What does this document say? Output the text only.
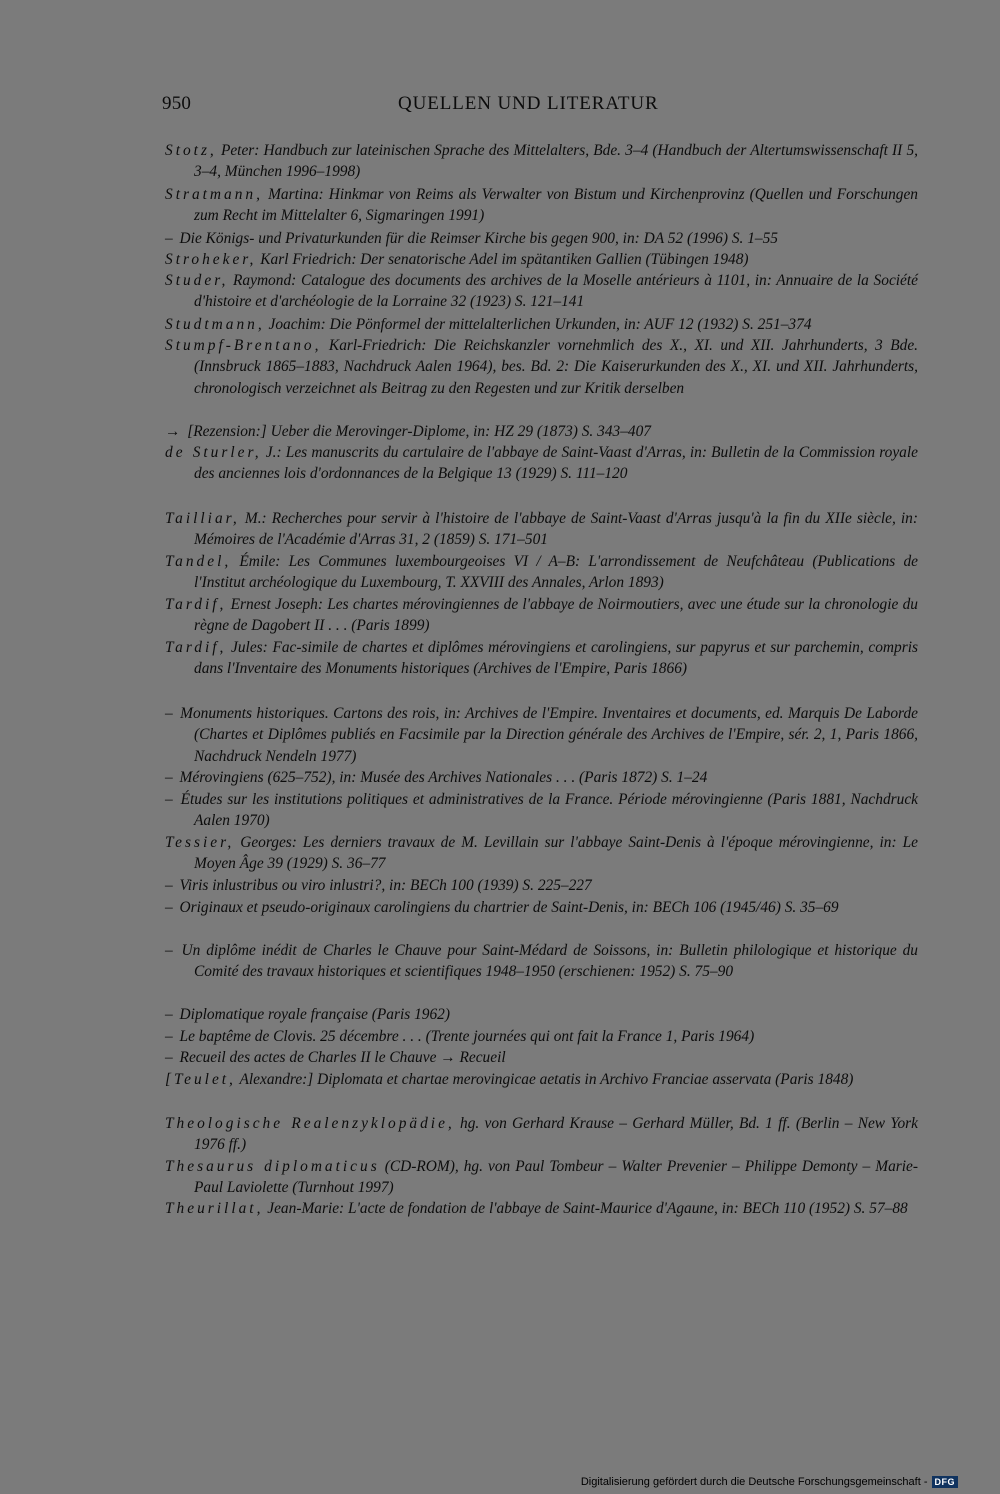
950	QUELLEN UND LITERATUR
Stotz, Peter: Handbuch zur lateinischen Sprache des Mittelalters, Bde. 3–4 (Handbuch der Altertumswissenschaft II 5, 3–4, München 1996–1998)
Stratmann, Martina: Hinkmar von Reims als Verwalter von Bistum und Kirchenprovinz (Quellen und Forschungen zum Recht im Mittelalter 6, Sigmaringen 1991)
– Die Königs- und Privaturkunden für die Reimser Kirche bis gegen 900, in: DA 52 (1996) S. 1–55
Stroheker, Karl Friedrich: Der senatorische Adel im spätantiken Gallien (Tübingen 1948)
Studer, Raymond: Catalogue des documents des archives de la Moselle antérieurs à 1101, in: Annuaire de la Société d'histoire et d'archéologie de la Lorraine 32 (1923) S. 121–141
Studtmann, Joachim: Die Pönformel der mittelalterlichen Urkunden, in: AUF 12 (1932) S. 251–374
Stumpf-Brentano, Karl-Friedrich: Die Reichskanzler vornehmlich des X., XI. und XII. Jahrhunderts, 3 Bde. (Innsbruck 1865–1883, Nachdruck Aalen 1964), bes. Bd. 2: Die Kaiserurkunden des X., XI. und XII. Jahrhunderts, chronologisch verzeichnet als Beitrag zu den Regesten und zur Kritik derselben
→ [Rezension:] Ueber die Merovinger-Diplome, in: HZ 29 (1873) S. 343–407
de Sturler, J.: Les manuscrits du cartulaire de l'abbaye de Saint-Vaast d'Arras, in: Bulletin de la Commission royale des anciennes lois d'ordonnances de la Belgique 13 (1929) S. 111–120
Tailliar, M.: Recherches pour servir à l'histoire de l'abbaye de Saint-Vaast d'Arras jusqu'à la fin du XIIe siècle, in: Mémoires de l'Académie d'Arras 31, 2 (1859) S. 171–501
Tandel, Émile: Les Communes luxembourgeoises VI / A–B: L'arrondissement de Neufchâteau (Publications de l'Institut archéologique du Luxembourg, T. XXVIII des Annales, Arlon 1893)
Tardif, Ernest Joseph: Les chartes mérovingiennes de l'abbaye de Noirmoutiers, avec une étude sur la chronologie du règne de Dagobert II . . . (Paris 1899)
Tardif, Jules: Fac-simile de chartes et diplômes mérovingiens et carolingiens, sur papyrus et sur parchemin, compris dans l'Inventaire des Monuments historiques (Archives de l'Empire, Paris 1866)
– Monuments historiques. Cartons des rois, in: Archives de l'Empire. Inventaires et documents, ed. Marquis De Laborde (Chartes et Diplômes publiés en Facsimile par la Direction générale des Archives de l'Empire, sér. 2, 1, Paris 1866, Nachdruck Nendeln 1977)
– Mérovingiens (625–752), in: Musée des Archives Nationales . . . (Paris 1872) S. 1–24
– Études sur les institutions politiques et administratives de la France. Période mérovingienne (Paris 1881, Nachdruck Aalen 1970)
Tessier, Georges: Les derniers travaux de M. Levillain sur l'abbaye Saint-Denis à l'époque mérovingienne, in: Le Moyen Âge 39 (1929) S. 36–77
– Viris inlustribus ou viro inlustri?, in: BECh 100 (1939) S. 225–227
– Originaux et pseudo-originaux carolingiens du chartrier de Saint-Denis, in: BECh 106 (1945/46) S. 35–69
– Un diplôme inédit de Charles le Chauve pour Saint-Médard de Soissons, in: Bulletin philologique et historique du Comité des travaux historiques et scientifiques 1948–1950 (erschienen: 1952) S. 75–90
– Diplomatique royale française (Paris 1962)
– Le baptême de Clovis. 25 décembre . . . (Trente journées qui ont fait la France 1, Paris 1964)
– Recueil des actes de Charles II le Chauve → Recueil
[Teulet, Alexandre:] Diplomata et chartae merovingicae aetatis in Archivo Franciae asservata (Paris 1848)
Theologische Realenzyklopädie, hg. von Gerhard Krause – Gerhard Müller, Bd. 1 ff. (Berlin – New York 1976 ff.)
Thesaurus diplomaticus (CD-ROM), hg. von Paul Tombeur – Walter Prevenier – Philippe Demonty – Marie-Paul Laviolette (Turnhout 1997)
Theurillat, Jean-Marie: L'acte de fondation de l'abbaye de Saint-Maurice d'Agaune, in: BECh 110 (1952) S. 57–88
Digitalisierung gefördert durch die Deutsche Forschungsgemeinschaft - DFG
